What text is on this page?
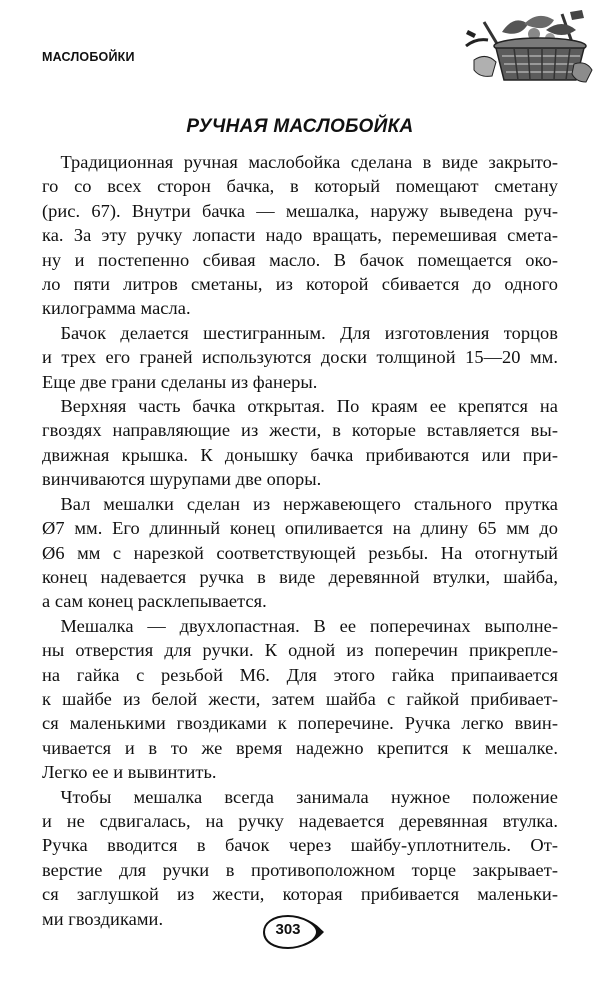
МАСЛОБОЙКИ
РУЧНАЯ МАСЛОБОЙКА

 Традиционная ручная маслобойка сделана в виде закрыто-
го со всех сторон бачка, в который помещают сметану
(рис. 67). Внутри бачка — мешалка, наружу выведена руч-
ка. За эту ручку лопасти надо вращать, перемешивая смета-
ну и постепенно сбивая масло. В бачок помещается око-
ло пяти литров сметаны, из которой сбивается до одного
килограмма масла.

 Бачок делается шестигранным. Для изготовления торцов
и трех его граней используются доски толщиной 15—20 мм.
Еще две грани сделаны из фанеры.

 Верхняя часть бачка открытая. По краям ее крепятся на
гвоздях направляющие из жести, в которые вставляется вы-
движная крышка. К донышку бачка прибиваются или при-
винчиваются шурупами две опоры.

 Вал мешалки сделан из нержавеющего стального прутка
Ø7 мм. Его длинный конец опиливается на длину 65 мм до
Ø6 мм с нарезкой соответствующей резьбы. На отогнутый
конец надевается ручка в виде деревянной втулки, шайба,
а сам конец расклепывается.

 Мешалка — двухлопастная. В ее поперечинах выполне-
ны отверстия для ручки. К одной из поперечин прикрепле-
на гайка с резьбой М6. Для этого гайка припаивается
к шайбе из белой жести, затем шайба с гайкой прибивает-
ся маленькими гвоздиками к поперечине. Ручка легко ввин-
чивается и в то же время надежно крепится к мешалке.
Легко ее и вывинтить.

 Чтобы мешалка всегда занимала нужное положение
и не сдвигалась, на ручку надевается деревянная втулка.
Ручка вводится в бачок через шайбу-уплотнитель. От-
верстие для ручки в противоположном торце закрывает-
ся заглушкой из жести, которая прибивается маленьки-
ми гвоздиками.

303
